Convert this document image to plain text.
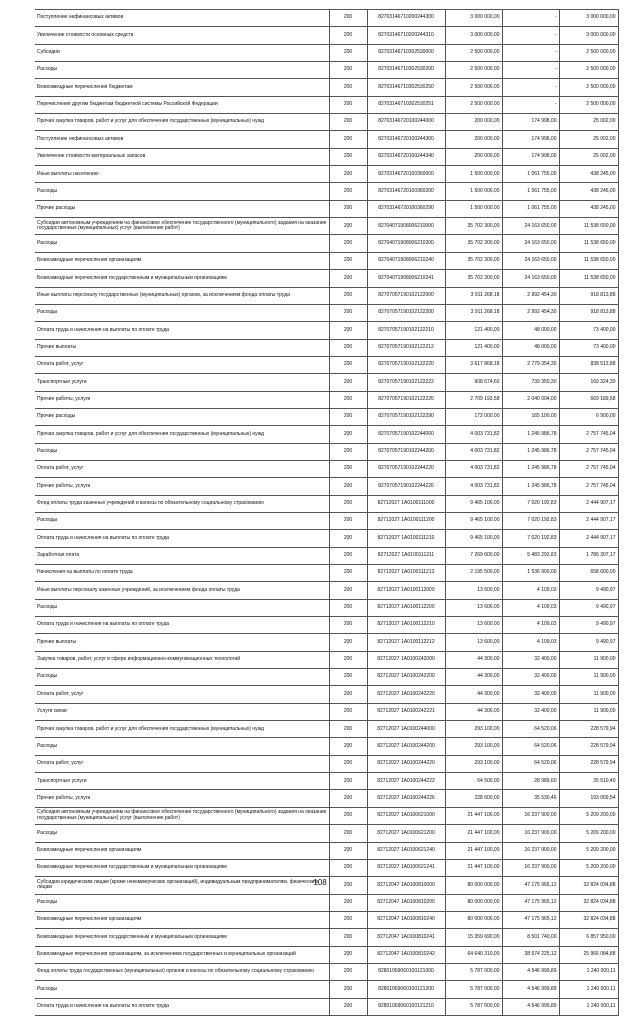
Поступление нефинансовых активов	200	82703146710200244300	3 000 000,00	-	3 000 000,00
Увеличение стоимости основных средств	200	82703146710200244310	3 000 000,00	-	3 000 000,00
Субсидии	200	82703146710302530000	2 500 000,00	-	2 500 000,00
Расходы	200	82703146710302530200	2 500 000,00	-	2 500 000,00
Безвозмездные перечисления бюджетам	200	82703146710302530250	2 500 000,00	-	2 500 000,00
Перечисления другим бюджетам бюджетной системы Российской Федерации	200	82703146710302530251	2 500 000,00	-	2 500 000,00
Прочая закупка товаров, работ и услуг для обеспечения государственных (муниципальных) нужд	200	82703146720100244000	200 000,00	174 998,00	25 002,00
Поступление нефинансовых активов	200	82703146720100244300	200 000,00	174 998,00	25 002,00
Увеличение стоимости материальных запасов	200	82703146720100244340	200 000,00	174 998,00	25 002,00
Иные выплаты населению	200	82703146720100360000	1 500 000,00	1 061 755,00	438 245,00
Расходы	200	82703146720100360200	1 500 000,00	1 061 755,00	438 245,00
Прочие расходы	200	82703146720100360290	1 500 000,00	1 061 755,00	438 245,00
Субсидии автономным учреждениям на финансовое обеспечение государственного (муниципального) задания на оказание государственных (муниципальных) услуг (выполнение работ)	200	82704071908006210000	35 702 300,00	24 163 650,00	11 538 650,00
Расходы	200	82704071908006210200	35 702 300,00	24 163 650,00	11 538 650,00
Безвозмездные перечисления организациям	200	82704071908006210240	35 702 300,00	24 163 650,00	11 538 650,00
Безвозмездные перечисления государственным и муниципальным организациям	200	82704071908006210241	35 702 300,00	24 163 650,00	11 538 650,00
Иные выплаты персоналу государственных (муниципальных) органов, за исключением фонда оплаты труда	200	82707057190102122000	3 911 268,18	2 992 454,30	918 813,88
Расходы	200	82707057190102122200	3 911 268,18	2 992 454,30	918 813,88
Оплата труда и начисления на выплаты по оплате труда	200	82707057190102122210	121 400,00	48 000,00	73 400,00
Прочие выплаты	200	82707057190102122212	121 400,00	48 000,00	73 400,00
Оплата работ, услуг	200	82707057190102122220	3 617 868,18	2 779 354,30	838 513,88
Транспортные услуги	200	82707057190102122222	908 674,60	739 350,30	169 324,30
Прочие работы, услуги	200	82707057190102122226	2 709 193,58	2 040 004,00	669 189,58
Прочие расходы	200	82707057190102122290	172 000,00	165 100,00	6 900,00
Прочая закупка товаров, работ и услуг для обеспечения государственных (муниципальных) нужд	200	82707057190102244000	4 003 731,82	1 245 986,78	2 757 745,04
Расходы	200	82707057190102244200	4 003 731,82	1 245 986,78	2 757 745,04
Оплата работ, услуг	200	82707057190102244220	4 003 731,82	1 245 986,78	2 757 745,04
Прочие работы, услуги	200	82707057190102244226	4 003 731,82	1 245 986,78	2 757 745,04
Фонд оплаты труда казенных учреждений и взносы по обязательному социальному страхованию	200	82712027 1А0100111000	9 465 100,00	7 020 192,83	2 444 907,17
Расходы	200	82712027 1А0100111200	9 465 100,00	7 020 192,83	2 444 907,17
Оплата труда и начисления на выплаты по оплате труда	200	82712027 1А0100111210	9 465 100,00	7 020 192,83	2 444 907,17
Заработная плата	200	82712027 1А0100111211	7 269 600,00	5 483 292,83	1 786 307,17
Начисления на выплаты по оплате труда	200	82712027 1А0100111213	2 195 500,00	1 536 900,00	658 600,00
Иные выплаты персоналу казенных учреждений, за исключением фонда оплаты труда	200	82712027 1А0100112000	13 600,00	4 109,03	9 490,97
Расходы	200	82712027 1А0100112200	13 600,00	4 109,03	9 490,97
Оплата труда и начисления на выплаты по оплате труда	200	82712027 1А0100112210	13 600,00	4 109,03	9 490,97
Прочие выплаты	200	82712027 1А0100112212	13 600,00	4 109,03	9 490,97
Закупка товаров, работ, услуг в сфере информационно-коммуникационных технологий	200	82712027 1А0100242000	44 300,00	32 400,00	11 900,00
Расходы	200	82712027 1А0100242200	44 300,00	32 400,00	11 900,00
Оплата работ, услуг	200	82712027 1А0100242220	44 300,00	32 400,00	11 900,00
Услуги связи	200	82712027 1А0100242221	44 300,00	32 400,00	11 900,00
Прочая закупка товаров, работ и услуг для обеспечения государственных (муниципальных) нужд	200	82712027 1А0100244000	293 100,00	64 520,06	228 579,94
Расходы	200	82712027 1А0100244200	293 100,00	64 520,06	228 579,94
Оплата работ, услуг	200	82712027 1А0100244220	293 100,00	64 520,06	228 579,94
Транспортные услуги	200	82712027 1А0100244222	64 500,00	28 989,60	35 510,40
Прочие работы, услуги	200	82712027 1А0100244226	228 600,00	35 530,46	193 069,54
Субсидии автономным учреждениям на финансовое обеспечение государственного (муниципального) задания на оказание государственных (муниципальных) услуг (выполнение работ)	200	82712027 1А0100621000	21 447 100,00	16 237 900,00	5 209 200,00
Расходы	200	82712027 1А0100621200	21 447 100,00	16 237 900,00	5 209 200,00
Безвозмездные перечисления организациям	200	82712027 1А0100621240	21 447 100,00	16 237 900,00	5 209 200,00
Безвозмездные перечисления государственным и муниципальным организациям	200	82712027 1А0100621241	21 447 100,00	16 237 900,00	5 209 200,00
Субсидии юридическим лицам (кроме некоммерческих организаций), индивидуальным предпринимателям, физическим лицам	200	82712047 1А0100810000	80 000 000,00	47 175 965,12	32 824 034,88
Расходы	200	82712047 1А0100810200	80 000 000,00	47 175 965,12	32 824 034,88
Безвозмездные перечисления организациям	200	82712047 1А0100810240	80 000 000,00	47 175 965,12	32 824 034,88
Безвозмездные перечисления государственным и муниципальным организациям	200	82712047 1А0100810241	15 359 690,00	8 501 740,00	6 857 950,00
Безвозмездные перечисления организациям, за исключением государственных и муниципальных организаций	200	82712047 1А0100810242	64 640 310,00	38 674 225,12	25 966 084,88
Фонд оплаты труда государственных (муниципальных) органов и взносы по обязательному социальному страхованию	200	82801069060100121000	5 787 000,00	4 546 999,89	1 240 000,11
Расходы	200	82801069060100121200	5 787 000,00	4 546 999,89	1 240 000,11
Оплата труда и начисления на выплаты по оплате труда	200	82801069060100121210	5 787 000,00	4 546 999,89	1 240 000,11
108
